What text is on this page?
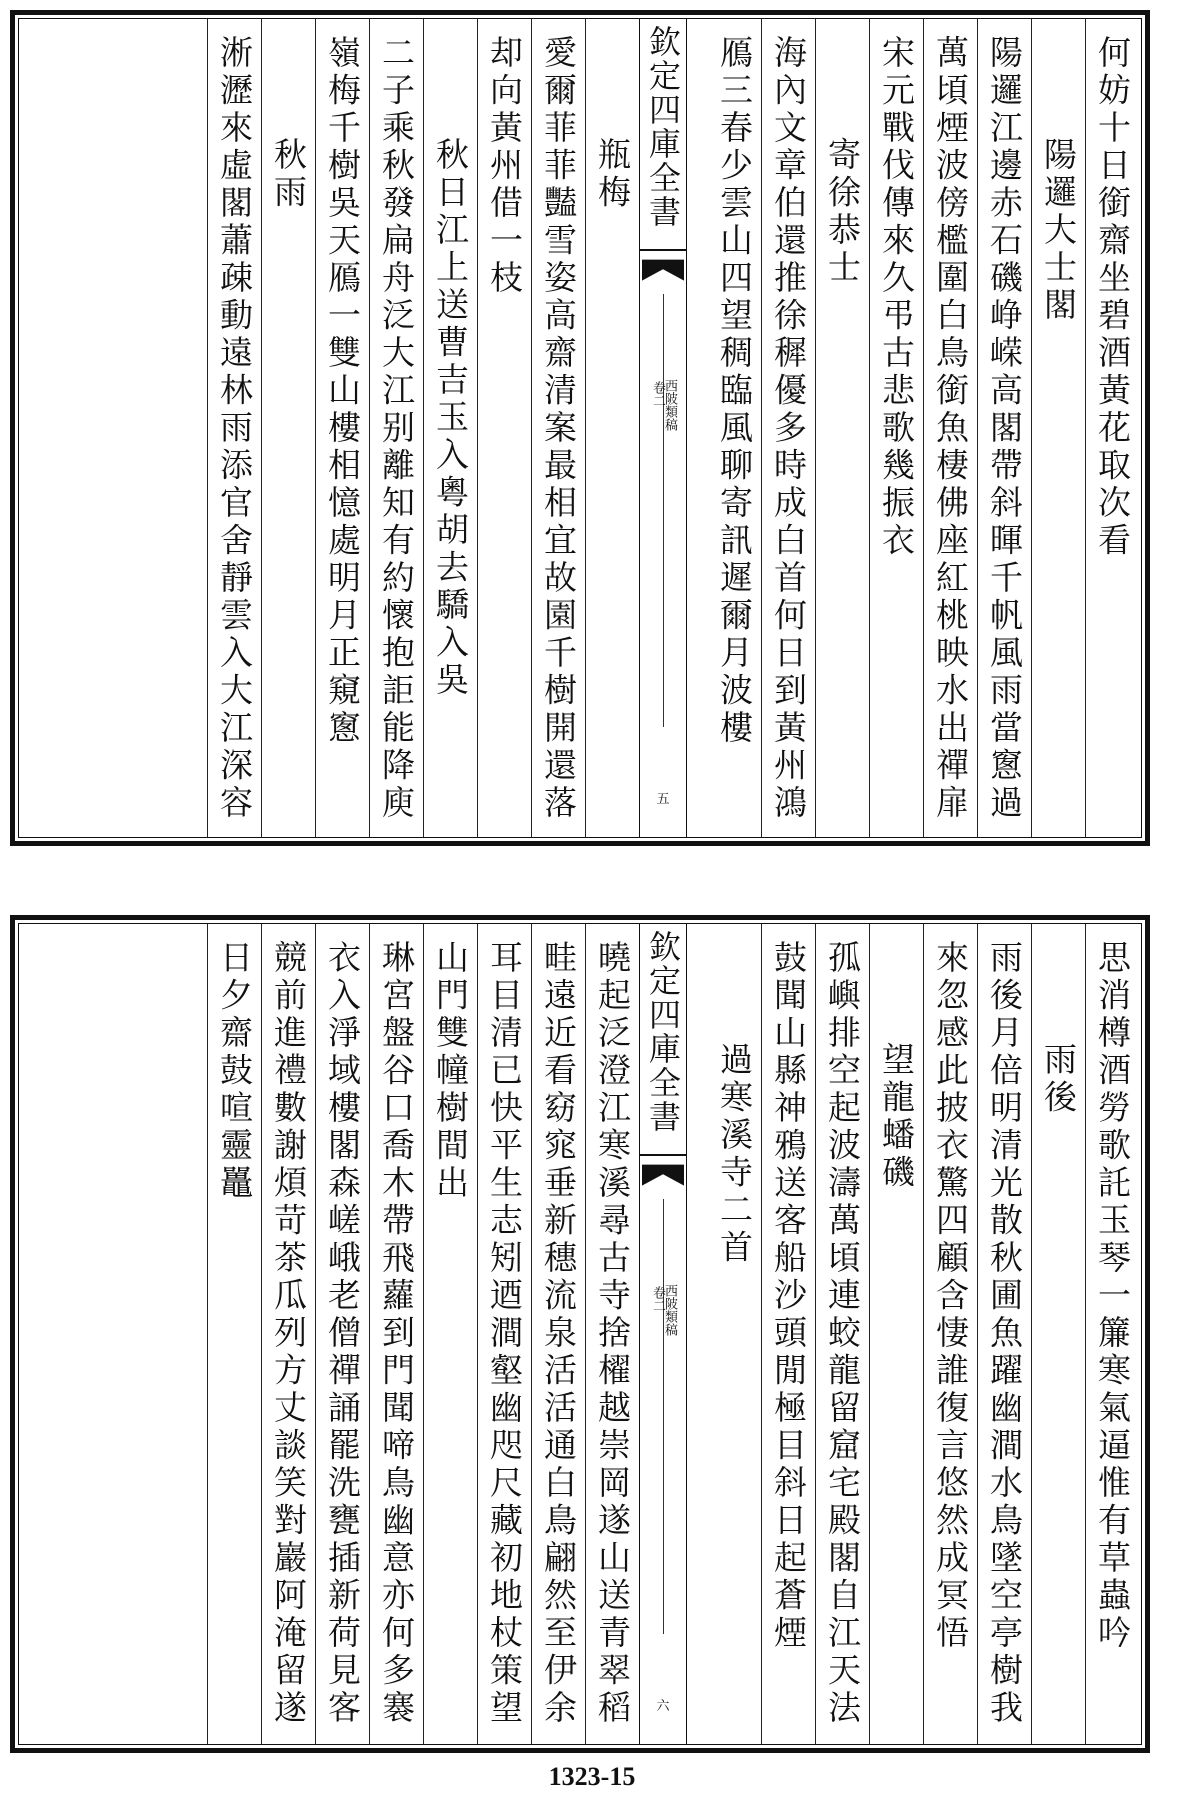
何妨十日銜齋坐碧酒黃花取次看
陽邏大士閣
陽邏江邊赤石磯峥嵘高閣帶斜暉千帆風雨當窻過
萬頃煙波傍檻圍白鳥銜魚棲佛座紅桃映水出禪扉
宋元戰伐傳來久弔古悲歌幾振衣
寄徐恭士
海內文章伯還推徐穉優多時成白首何日到黃州鴻
鴈三春少雲山四望稠臨風聊寄訊遲爾月波樓
欽定四庫全書
西陂類稿
卷二
五
瓶梅
愛爾菲菲豔雪姿高齋清案最相宜故園千樹開還落
却向黃州借一枝
秋日江上送曹吉玉入粵胡去驕入吳
二子乘秋發扁舟泛大江别離知有約懷抱詎能降庾
嶺梅千樹吳天鴈一雙山樓相憶處明月正窺窻
秋雨
淅瀝來虛閣蕭疎動遠林雨添官舍靜雲入大江深容
思消樽酒勞歌託玉琴一簾寒氣逼惟有草蟲吟
雨後
雨後月倍明清光散秋圃魚躍幽澗水鳥墜空亭樹我
來忽感此披衣驚四顧含悽誰復言悠然成冥悟
望龍蟠磯
孤嶼排空起波濤萬頃連蛟龍留窟宅殿閣自江天法
鼓聞山縣神鴉送客船沙頭閒極目斜日起蒼煙
過寒溪寺二首
欽定四庫全書
西陂類稿
卷二
六
曉起泛澄江寒溪尋古寺捨櫂越崇岡遂山送青翠稻
畦遠近看窈窕垂新穗流泉活活通白鳥翩然至伊余
耳目清已快平生志矧迺澗壑幽咫尺藏初地杖策望
山門雙幢樹間出
琳宮盤谷口喬木帶飛蘿到門聞啼鳥幽意亦何多褰
衣入淨域樓閣森嵯峨老僧禪誦罷洗甕插新荷見客
競前進禮數謝煩苛茶瓜列方丈談笑對巖阿淹留遂
日夕齋鼓喧靈鼉
1323-15
